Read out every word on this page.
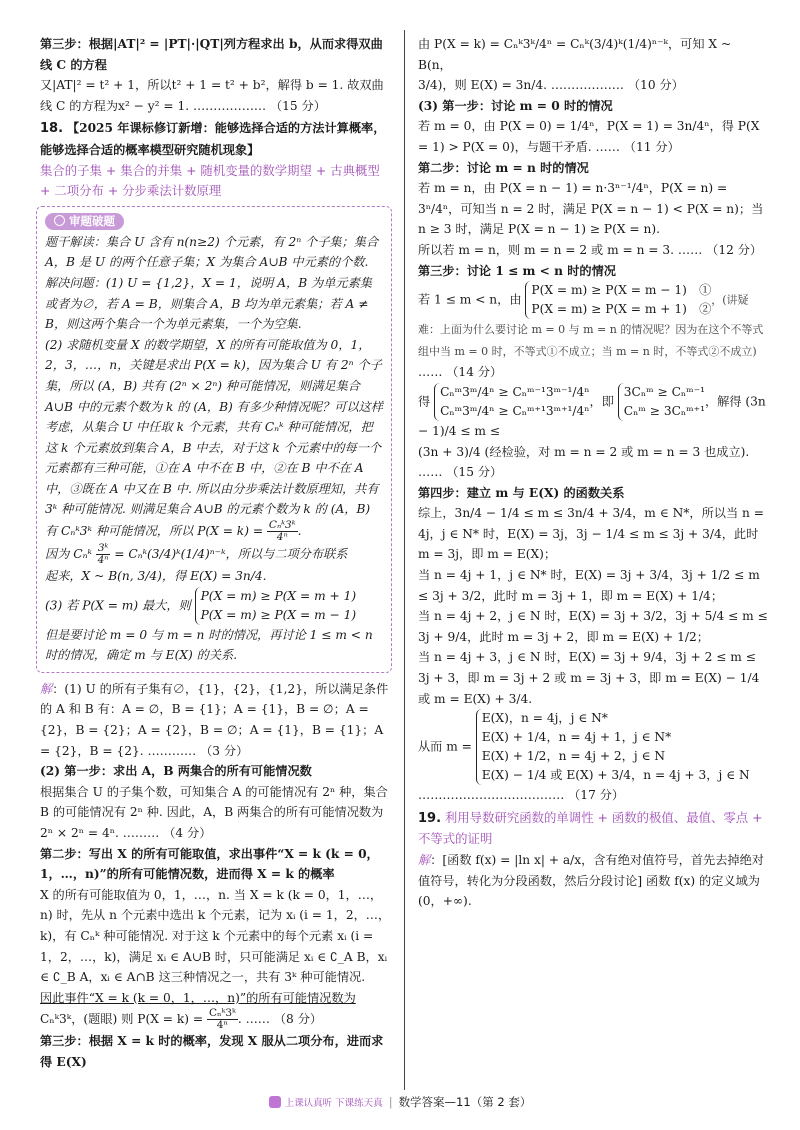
第三步：根据|AT|² = |PT|·|QT|列方程求出 b，从而求得双曲线 C 的方程

又|AT|² = t² + 1，所以t² + 1 = t² + b²，解得 b = 1. 故双曲线 C 的方程为x² − y² = 1. ……………… （15 分）

18. 【2025 年课标修订新增：能够选择合适的方法计算概率，能够选择合适的概率模型研究随机现象】

集合的子集 + 集合的并集 + 随机变量的数学期望 + 古典概型 + 二项分布 + 分步乘法计数原理

审题破题

题干解读：集合 U 含有 n(n≥2) 个元素，有 2ⁿ 个子集；集合 A，B 是 U 的两个任意子集；X 为集合 A∪B 中元素的个数.

解决问题：(1) U = {1,2}，X = 1，说明 A，B 为单元素集或者为∅，若 A = B，则集合 A，B 均为单元素集；若 A ≠ B，则这两个集合一个为单元素集，一个为空集.

(2) 求随机变量 X 的数学期望，X 的所有可能取值为 0，1，2，3，…，n，关键是求出 P(X = k)，因为集合 U 有 2ⁿ 个子集，所以 (A，B) 共有 (2ⁿ × 2ⁿ) 种可能情况，则满足集合 A∪B 中的元素个数为 k 的 (A，B) 有多少种情况呢？可以这样考虑，从集合 U 中任取 k 个元素，共有 Cₙᵏ 种可能情况，把这 k 个元素放到集合 A，B 中去，对于这 k 个元素中的每一个元素都有三种可能，①在 A 中不在 B 中，②在 B 中不在 A 中，③既在 A 中又在 B 中. 所以由分步乘法计数原理知，共有 3ᵏ 种可能情况. 则满足集合 A∪B 的元素个数为 k 的 (A，B)

有 Cₙᵏ3ᵏ 种可能情况，所以 $P(X = k) = \frac{\text{Cₙᵏ3ᵏ}}{\text{4ⁿ}}$ .

因为 Cₙᵏ $\frac{\text{3ᵏ}}{\text{4ⁿ}}$ = Cₙᵏ(3/4)ᵏ(1/4)ⁿ⁻ᵏ，所以与二项分布联系

起来，X ~ B(n, 3/4)，得 E(X) = 3n/4.

(3) 若 P(X = m) 最大，则 P(X = m) ≥ P(X = m + 1)
P(X = m) ≥ P(X = m − 1)

但是要讨论 m = 0 与 m = n 时的情况，再讨论 1 ≤ m < n 时的情况，确定 m 与 E(X) 的关系.

解：(1) U 的所有子集有∅，{1}，{2}，{1,2}，所以满足条件的 A 和 B 有：A = ∅，B = {1}；A = {1}，B = ∅；A = {2}，B = {2}；A = {2}，B = ∅；A = {1}，B = {1}；A = {2}，B = {2}. ………… （3 分）

(2) 第一步：求出 A，B 两集合的所有可能情况数

根据集合 U 的子集个数，可知集合 A 的可能情况有 2ⁿ 种，集合 B 的可能情况有 2ⁿ 种. 因此，A，B 两集合的所有可能情况数为 2ⁿ × 2ⁿ = 4ⁿ. ……… （4 分）

第二步：写出 X 的所有可能取值，求出事件“X = k (k = 0，1，…，n)”的所有可能情况数，进而得 X = k 的概率

X 的所有可能取值为 0，1，…，n. 当 X = k (k = 0，1，…，n) 时，先从 n 个元素中选出 k 个元素，记为 xᵢ (i = 1，2，…，k)，有 Cₙᵏ 种可能情况. 对于这 k 个元素中的每个元素 xᵢ (i = 1，2，…，k)，满足 xᵢ ∈ A∪B 时，只可能满足 xᵢ ∈ ∁_A B，xᵢ ∈ ∁_B A，xᵢ ∈ A∩B 这三种情况之一，共有 3ᵏ 种可能情况.

因此事件“X = k (k = 0，1，…，n)”的所有可能情况数为

Cₙᵏ3ᵏ，(题眼) 则 $P(X = k) = \frac{\text{Cₙᵏ3ᵏ}}{\text{4ⁿ}}$ . …… （8 分）

第三步：根据 X = k 时的概率，发现 X 服从二项分布，进而求得 E(X)

由 P(X = k) = Cₙᵏ3ᵏ/4ⁿ = Cₙᵏ(3/4)ᵏ(1/4)ⁿ⁻ᵏ，可知 X ~ B(n，

3/4)，则 E(X) = 3n/4. ……………… （10 分）

(3) 第一步：讨论 m = 0 时的情况

若 m = 0，由 P(X = 0) = 1/4ⁿ，P(X = 1) = 3n/4ⁿ，得 P(X = 1) > P(X = 0)，与题干矛盾. …… （11 分）

第二步：讨论 m = n 时的情况

若 m = n，由 P(X = n − 1) = n·3ⁿ⁻¹/4ⁿ，P(X = n) = 3ⁿ/4ⁿ，可知当 n = 2 时，满足 P(X = n − 1) < P(X = n)；当 n ≥ 3 时，满足 P(X = n − 1) ≥ P(X = n).

所以若 m = n，则 m = n = 2 或 m = n = 3. …… （12 分）

第三步：讨论 1 ≤ m < n 时的情况

若 1 ≤ m < n，由 P(X = m) ≥ P(X = m − 1)　①
P(X = m) ≥ P(X = m + 1)　②，(讲疑难：上面为什么要讨论 m = 0 与 m = n 的情况呢？因为在这个不等式组中当 m = 0 时，不等式①不成立；当 m = n 时，不等式②不成立) …… （14 分）

得 Cₙᵐ3ᵐ/4ⁿ ≥ Cₙᵐ⁻¹3ᵐ⁻¹/4ⁿ
Cₙᵐ3ᵐ/4ⁿ ≥ Cₙᵐ⁺¹3ᵐ⁺¹/4ⁿ，即 3Cₙᵐ ≥ Cₙᵐ⁻¹
Cₙᵐ ≥ 3Cₙᵐ⁺¹，解得 (3n − 1)/4 ≤ m ≤

(3n + 3)/4 (经检验，对 m = n = 2 或 m = n = 3 也成立). …… （15 分）

第四步：建立 m 与 E(X) 的函数关系

综上，3n/4 − 1/4 ≤ m ≤ 3n/4 + 3/4，m ∈ N*，所以当 n = 4j，j ∈ N* 时，E(X) = 3j，3j − 1/4 ≤ m ≤ 3j + 3/4，此时 m = 3j，即 m = E(X)；

当 n = 4j + 1，j ∈ N* 时，E(X) = 3j + 3/4，3j + 1/2 ≤ m ≤ 3j + 3/2，此时 m = 3j + 1，即 m = E(X) + 1/4；

当 n = 4j + 2，j ∈ N 时，E(X) = 3j + 3/2，3j + 5/4 ≤ m ≤ 3j + 9/4，此时 m = 3j + 2，即 m = E(X) + 1/2；

当 n = 4j + 3，j ∈ N 时，E(X) = 3j + 9/4，3j + 2 ≤ m ≤ 3j + 3，即 m = 3j + 2 或 m = 3j + 3，即 m = E(X) − 1/4 或 m = E(X) + 3/4.

从而 m = E(X)，n = 4j，j ∈ N*
E(X) + 1/4，n = 4j + 1，j ∈ N*
E(X) + 1/2，n = 4j + 2，j ∈ N
E(X) − 1/4 或 E(X) + 3/4，n = 4j + 3，j ∈ N

……………………………… （17 分）

19. 利用导数研究函数的单调性 + 函数的极值、最值、零点 + 不等式的证明

解：[函数 f(x) = |ln x| + a/x，含有绝对值符号，首先去掉绝对值符号，转化为分段函数，然后分段讨论] 函数 f(x) 的定义域为 (0，+∞).

上课认真听 下课练天真 | 数学答案—11（第 2 套）
